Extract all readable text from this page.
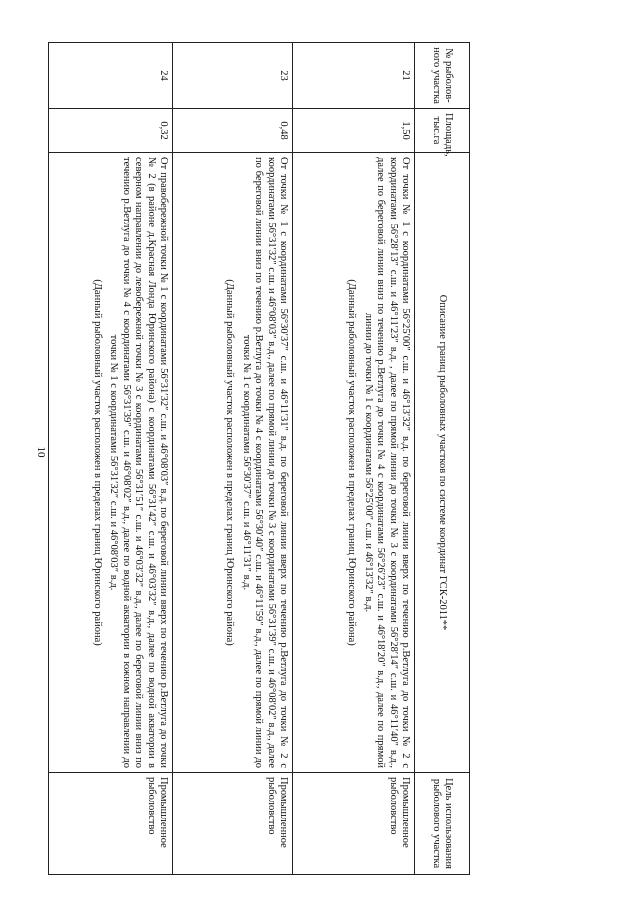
10
№ рыболов-ного участка	Площадь, тыс.га	Описание границ рыболовных участков по системе координат ГСК-2011**	Цель использования рыболового участка
21	1,50	От точки № 1 с координатами 56°25′00″ с.ш. и 46°13′32″ в.д. по береговой линии вверх по течению р.Ветлуга до точки № 2 с координатами 56°28′13″ с.ш. и 46°11′23″ в.д. , далее по прямой линии до точки № 3 с координатами 56°28′14″ с.ш. и 46°11′40″ в.д., далее по береговой линии вниз по течению р.Ветлуга до точки № 4 с координатами 56°26′23″ с.ш. и 46°18′20″ в.д., далее по прямой линии до точки № 1 с координатами 56°25′00″ с.ш. и 46°13′32″ в.д.
(Данный рыболовный участок расположен в пределах границ Юринского района)	Промышленное рыболовство
23	0,48	От точки № 1 с координатами 56°30′37″ с.ш. и 46°11′31″ в.д. по береговой линии вверх по течению р.Ветлуга до точки № 2 с координатами 56°31′32″ с.ш. и 46°08′03″ в.д., далее по прямой линии до точки № 3 с координатами 56°31′39″ с.ш. и 46°08′02″ в.д., далее по береговой линии вниз по течению р.Ветлуга до точки № 4 с координатами 56°30′40″ с.ш. и 46°11′59″ в.д., далее по прямой линии до точки № 1 с координатами 56°30′37″ с.ш. и 46°11′31″ в.д.
(Данный рыболовный участок расположен в пределах границ Юринского района)	Промышленное рыболовство
24	0,32	От правобережной точки № 1 с координатами 56°31′32″ с.ш. и 46°08′03″ в.д. по береговой линии вверх по течению р.Ветлуга до точки № 2 (в районе д.Красная Лонда Юринского района) с координатами 56°31′42″ с.ш. и 46°03′32″ в.д., далее по водной акватории в северном направлении до левобережной точки № 3 с координатами 56°31′51″ с.ш. и 46°03′32″ в.д., далее по береговой линии вниз по течению р.Ветлуга до точки № 4 с координатами 56°31′39″ с.ш. и 46°08′02″ в.д., далее по водной акватории в южном направлении до точки № 1 с координатами 56°31′32″ с.ш. и 46°08′03″ в.д.
(Данный рыболовный участок расположен в пределах границ Юринского района)	Промышленное рыболовство
